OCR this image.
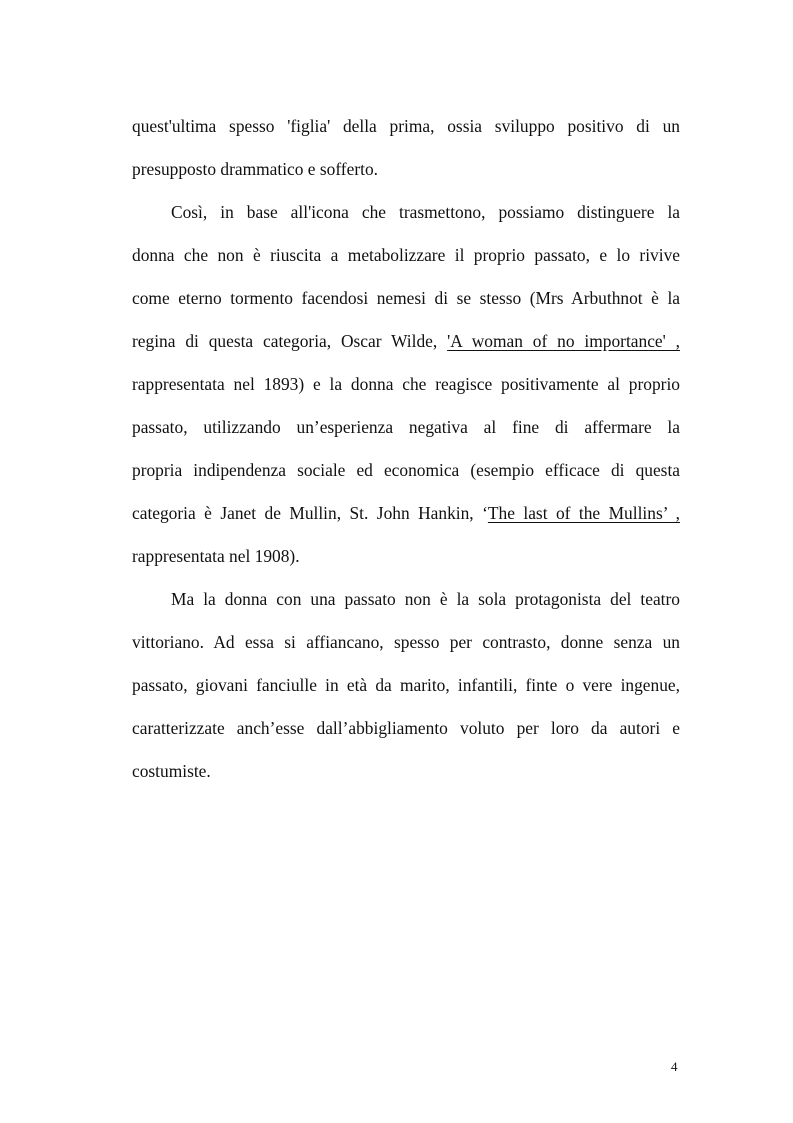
quest'ultima spesso 'figlia' della prima, ossia sviluppo positivo di un
presupposto drammatico e sofferto.
Così, in base all'icona che trasmettono, possiamo distinguere la
donna che non è riuscita a metabolizzare il proprio passato, e lo rivive
come eterno tormento facendosi nemesi di se stesso (Mrs Arbuthnot è la
regina di questa categoria, Oscar Wilde, 'A woman of no importance' ,
rappresentata nel 1893) e la donna che reagisce positivamente al proprio
passato, utilizzando un’esperienza negativa al fine di affermare la
propria indipendenza sociale ed economica (esempio efficace di questa
categoria è Janet de Mullin, St. John Hankin, ‘The last of the Mullins’ ,
rappresentata nel 1908).
Ma la donna con una passato non è la sola protagonista del teatro
vittoriano. Ad essa si affiancano, spesso per contrasto, donne senza un
passato, giovani fanciulle in età da marito, infantili, finte o vere ingenue,
caratterizzate anch’esse dall’abbigliamento voluto per loro da autori e
costumiste.
4
